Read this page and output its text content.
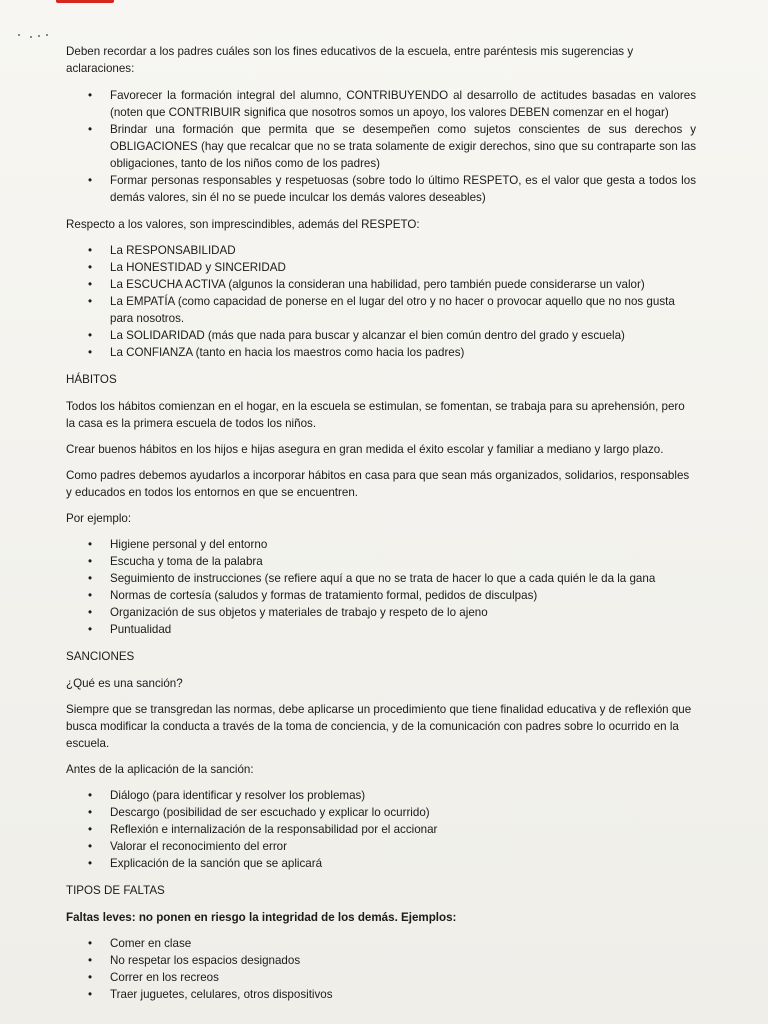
Deben recordar a los padres cuáles son los fines educativos de la escuela, entre paréntesis mis sugerencias y aclaraciones:

• Favorecer la formación integral del alumno, CONTRIBUYENDO al desarrollo de actitudes basadas en valores (noten que CONTRIBUIR significa que nosotros somos un apoyo, los valores DEBEN comenzar en el hogar)
• Brindar una formación que permita que se desempeñen como sujetos conscientes de sus derechos y OBLIGACIONES (hay que recalcar que no se trata solamente de exigir derechos, sino que su contraparte son las obligaciones, tanto de los niños como de los padres)
• Formar personas responsables y respetuosas (sobre todo lo último RESPETO, es el valor que gesta a todos los demás valores, sin él no se puede inculcar los demás valores deseables)

Respecto a los valores, son imprescindibles, además del RESPETO:

• La RESPONSABILIDAD
• La HONESTIDAD y SINCERIDAD
• La ESCUCHA ACTIVA (algunos la consideran una habilidad, pero también puede considerarse un valor)
• La EMPATÍA (como capacidad de ponerse en el lugar del otro y no hacer o provocar aquello que no nos gusta para nosotros.
• La SOLIDARIDAD (más que nada para buscar y alcanzar el bien común dentro del grado y escuela)
• La CONFIANZA (tanto en hacia los maestros como hacia los padres)

HÁBITOS

Todos los hábitos comienzan en el hogar, en la escuela se estimulan, se fomentan, se trabaja para su aprehensión, pero la casa es la primera escuela de todos los niños.

Crear buenos hábitos en los hijos e hijas asegura en gran medida el éxito escolar y familiar a mediano y largo plazo.

Como padres debemos ayudarlos a incorporar hábitos en casa para que sean más organizados, solidarios, responsables y educados en todos los entornos en que se encuentren.

Por ejemplo:

• Higiene personal y del entorno
• Escucha y toma de la palabra
• Seguimiento de instrucciones (se refiere aquí a que no se trata de hacer lo que a cada quién le da la gana
• Normas de cortesía (saludos y formas de tratamiento formal, pedidos de disculpas)
• Organización de sus objetos y materiales de trabajo y respeto de lo ajeno
• Puntualidad

SANCIONES

¿Qué es una sanción?

Siempre que se transgredan las normas, debe aplicarse un procedimiento que tiene finalidad educativa y de reflexión que busca modificar la conducta a través de la toma de conciencia, y de la comunicación con padres sobre lo ocurrido en la escuela.

Antes de la aplicación de la sanción:

• Diálogo (para identificar y resolver los problemas)
• Descargo (posibilidad de ser escuchado y explicar lo ocurrido)
• Reflexión e internalización de la responsabilidad por el accionar
• Valorar el reconocimiento del error
• Explicación de la sanción que se aplicará

TIPOS DE FALTAS

Faltas leves: no ponen en riesgo la integridad de los demás. Ejemplos:

• Comer en clase
• No respetar los espacios designados
• Correr en los recreos
• Traer juguetes, celulares, otros dispositivos
